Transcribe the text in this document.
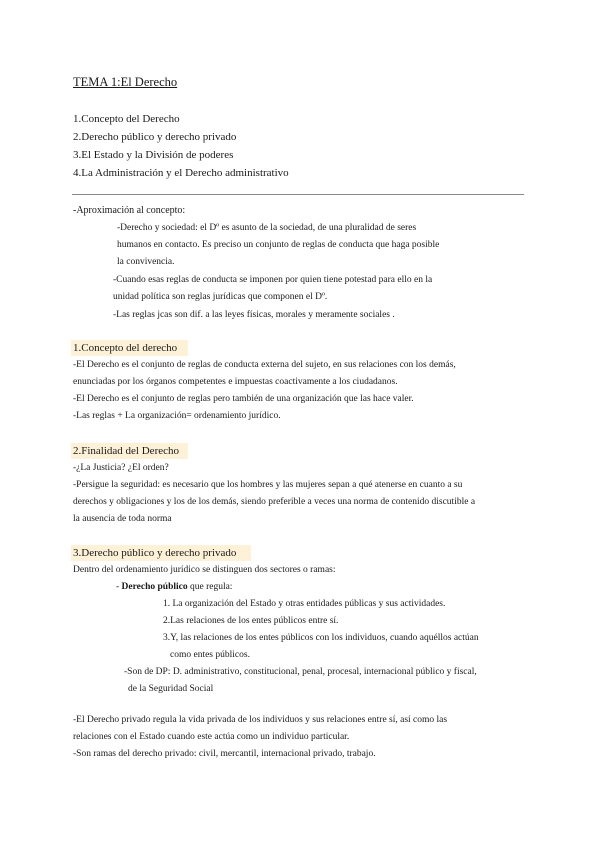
TEMA 1:El Derecho
1.Concepto del Derecho
2.Derecho público y derecho privado
3.El Estado y la División de poderes
4.La Administración y el Derecho administrativo
-Aproximación al concepto:
-Derecho y sociedad: el Dº es asunto de la sociedad, de una pluralidad de seres
humanos en contacto. Es preciso un conjunto de reglas de conducta que haga posible
la convivencia.
-Cuando esas reglas de conducta se imponen por quien tiene potestad para ello en la
unidad política son reglas jurídicas que componen el Dº.
-Las reglas jcas son dif. a las leyes físicas, morales y meramente sociales .
1.Concepto del derecho
-El Derecho es el conjunto de reglas de conducta externa del sujeto, en sus relaciones con los demás,
enunciadas por los órganos competentes e impuestas coactivamente a los ciudadanos.
-El Derecho es el conjunto de reglas pero también de una organización que las hace valer.
-Las reglas + La organización= ordenamiento jurídico.
2.Finalidad del Derecho
-¿La Justicia? ¿El orden?
-Persigue la seguridad: es necesario que los hombres y las mujeres sepan a qué atenerse en cuanto a su
derechos y obligaciones y los de los demás, siendo preferible a veces una norma de contenido discutible a
la ausencia de toda norma
3.Derecho público y derecho privado
Dentro del ordenamiento jurídico se distinguen dos sectores o ramas:
- Derecho público que regula:
1. La organización del Estado y otras entidades públicas y sus actividades.
2.Las relaciones de los entes públicos entre sí.
3.Y, las relaciones de los entes públicos con los individuos, cuando aquéllos actúan
como entes públicos.
-Son de DP: D. administrativo, constitucional, penal, procesal, internacional público y fiscal,
de la Seguridad Social
-El Derecho privado regula la vida privada de los individuos y sus relaciones entre sí, así como las
relaciones con el Estado cuando este actúa como un individuo particular.
-Son ramas del derecho privado: civil, mercantil, internacional privado, trabajo.
